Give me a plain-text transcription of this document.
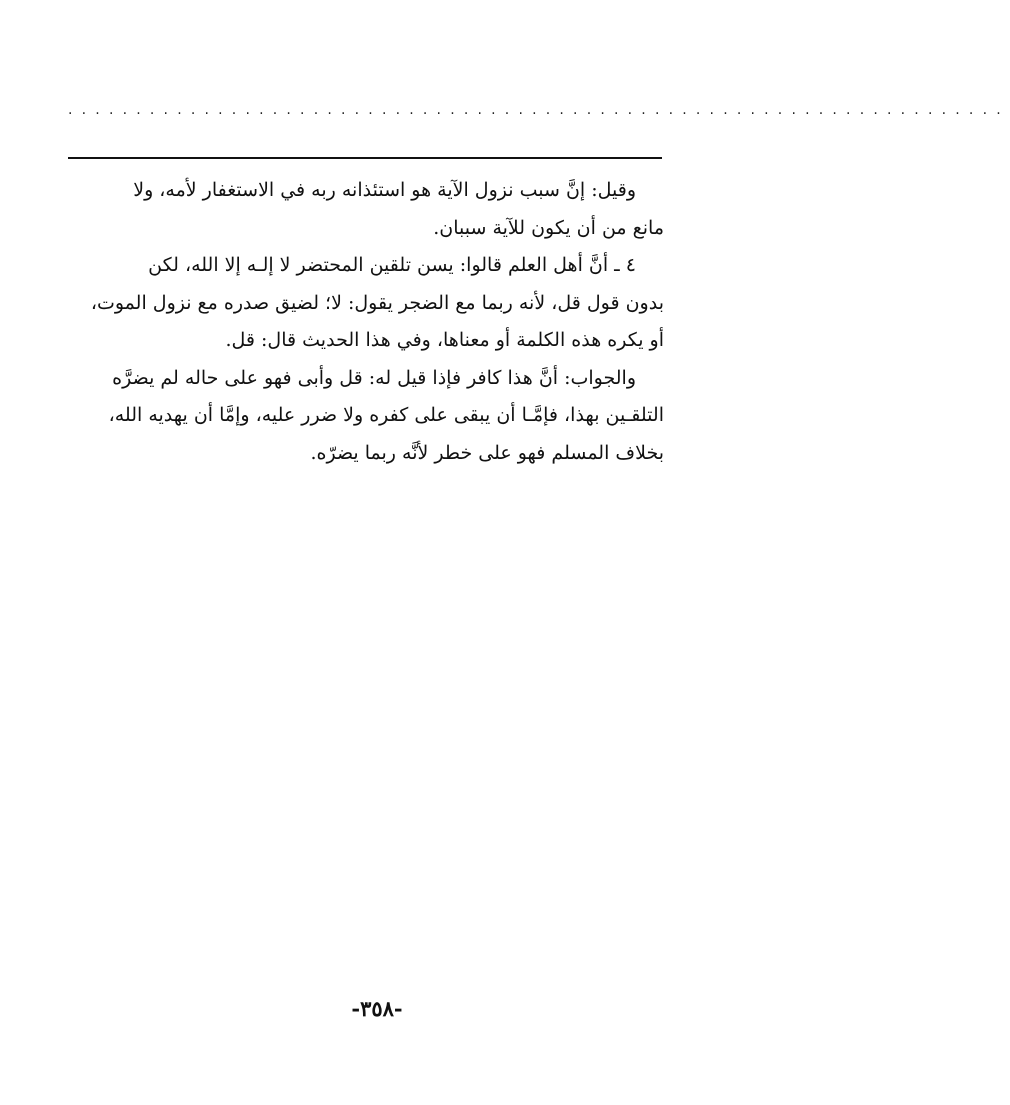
.....................................................................
وقيل: إنَّ سبب نزول الآية هو استئذانه ربه في الاستغفار لأمه، ولا
مانع من أن يكون للآية سببان.
٤ ـ أنَّ أهل العلم قالوا: يسن تلقين المحتضر لا إلـه إلا الله، لكن
بدون قول قل، لأنه ربما مع الضجر يقول: لا؛ لضيق صدره مع نزول الموت،
أو يكره هذه الكلمة أو معناها، وفي هذا الحديث قال: قل.
والجواب: أنَّ هذا كافر فإذا قيل له: قل وأبى فهو على حاله لم يضرَّه
التلقـين بهذا، فإمَّـا أن يبقى على كفره ولا ضرر عليه، وإمَّا أن يهديه الله،
بخلاف المسلم فهو على خطر لأنَّه ربما يضرّه.
-٣٥٨-
